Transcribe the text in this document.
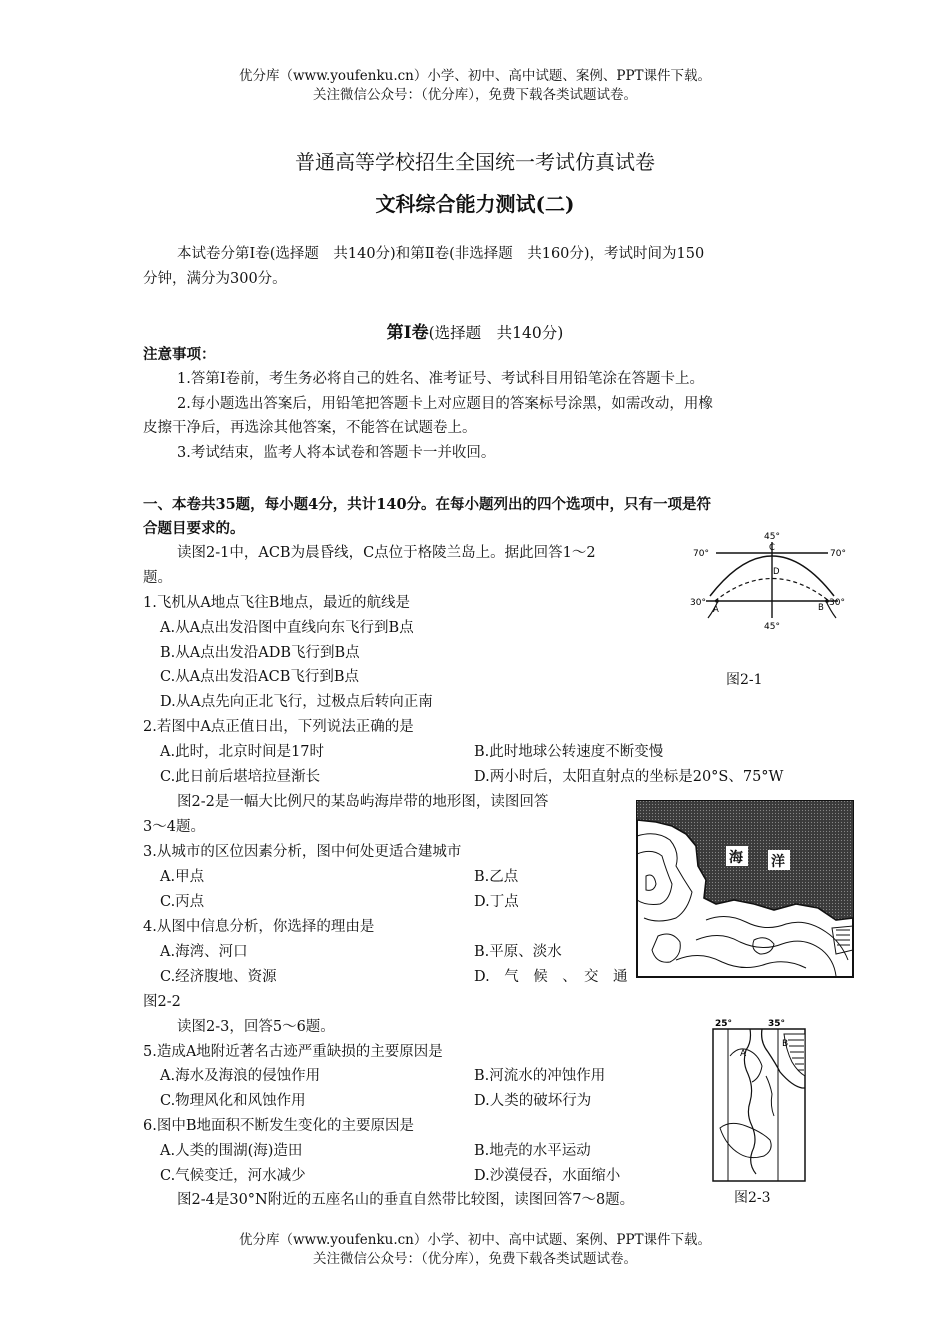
优分库（www.youfenku.cn）小学、初中、高中试题、案例、PPT课件下载。
关注微信公众号：（优分库），免费下载各类试题试卷。
普通高等学校招生全国统一考试仿真试卷
文科综合能力测试(二)
本试卷分第Ⅰ卷(选择题　共140分)和第Ⅱ卷(非选择题　共160分)，考试时间为150
分钟，满分为300分。
第Ⅰ卷(选择题　共140分)
注意事项：
1.答第Ⅰ卷前，考生务必将自己的姓名、准考证号、考试科目用铅笔涂在答题卡上。
2.每小题选出答案后，用铅笔把答题卡上对应题目的答案标号涂黑，如需改动，用橡
皮擦干净后，再选涂其他答案，不能答在试题卷上。
3.考试结束，监考人将本试卷和答题卡一并收回。
一、本卷共35题，每小题4分，共计140分。在每小题列出的四个选项中，只有一项是符
合题目要求的。
读图2-1中，ACB为晨昏线，C点位于格陵兰岛上。据此回答1～2
题。
45°
C
70°	70°
D
30°	30°
A	B
45°
图2-1
1.飞机从A地点飞往B地点，最近的航线是
A.从A点出发沿图中直线向东飞行到B点
B.从A点出发沿ADB飞行到B点
C.从A点出发沿ACB飞行到B点
D.从A点先向正北飞行，过极点后转向正南
2.若图中A点正值日出，下列说法正确的是
A.此时，北京时间是17时	B.此时地球公转速度不断变慢
C.此日前后堪培拉昼渐长	D.两小时后，太阳直射点的坐标是20°S、75°W
图2-2是一幅大比例尺的某岛屿海岸带的地形图，读图回答
3～4题。
海 洋
3.从城市的区位因素分析，图中何处更适合建城市
A.甲点	B.乙点
C.丙点	D.丁点
4.从图中信息分析，你选择的理由是
A.海湾、河口	B.平原、淡水
C.经济腹地、资源	D.　气　候　、　交　通
图2-2
读图2-3，回答5～6题。	25°	35°
A
B
图2-3
5.造成A地附近著名古迹严重缺损的主要原因是
A.海水及海浪的侵蚀作用	B.河流水的冲蚀作用
C.物理风化和风蚀作用	D.人类的破坏行为
6.图中B地面积不断发生变化的主要原因是
A.人类的围湖(海)造田	B.地壳的水平运动
C.气候变迁，河水减少	D.沙漠侵吞，水面缩小
图2-4是30°N附近的五座名山的垂直自然带比较图，读图回答7～8题。
优分库（www.youfenku.cn）小学、初中、高中试题、案例、PPT课件下载。
关注微信公众号：（优分库），免费下载各类试题试卷。
